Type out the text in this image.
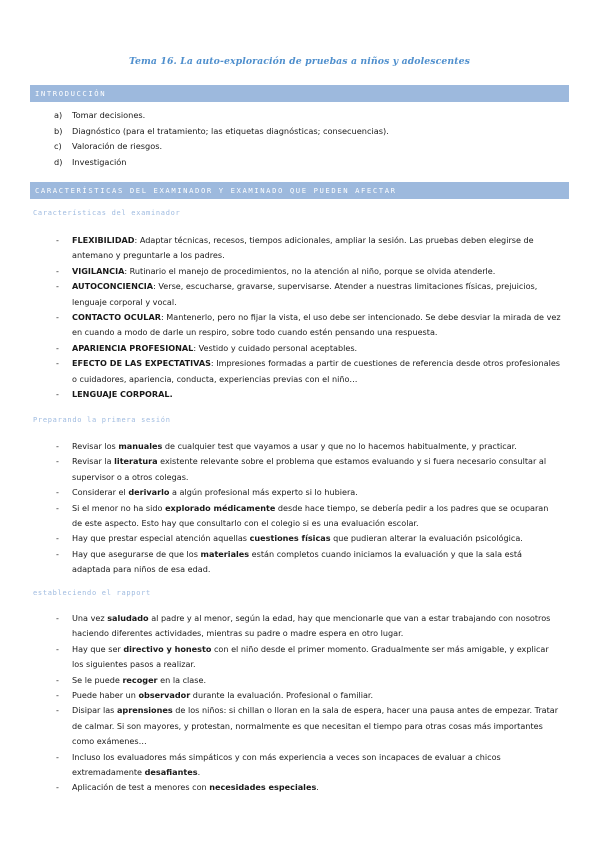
Tema 16. La auto-exploración de pruebas a niños y adolescentes
INTRODUCCIÓN
a) Tomar decisiones.
b) Diagnóstico (para el tratamiento; las etiquetas diagnósticas; consecuencias).
c) Valoración de riesgos.
d) Investigación
CARACTERÍSTICAS DEL EXAMINADOR Y EXAMINADO QUE PUEDEN AFECTAR
Características del examinador
- FLEXIBILIDAD: Adaptar técnicas, recesos, tiempos adicionales, ampliar la sesión. Las pruebas deben elegirse de antemano y preguntarle a los padres.
- VIGILANCIA: Rutinario el manejo de procedimientos, no la atención al niño, porque se olvida atenderle.
- AUTOCONCIENCIA: Verse, escucharse, gravarse, supervisarse. Atender a nuestras limitaciones físicas, prejuicios, lenguaje corporal y vocal.
- CONTACTO OCULAR: Mantenerlo, pero no fijar la vista, el uso debe ser intencionado. Se debe desviar la mirada de vez en cuando a modo de darle un respiro, sobre todo cuando estén pensando una respuesta.
- APARIENCIA PROFESIONAL: Vestido y cuidado personal aceptables.
- EFECTO DE LAS EXPECTATIVAS: Impresiones formadas a partir de cuestiones de referencia desde otros profesionales o cuidadores, apariencia, conducta, experiencias previas con el niño…
- LENGUAJE CORPORAL.
Preparando la primera sesión
- Revisar los manuales de cualquier test que vayamos a usar y que no lo hacemos habitualmente, y practicar.
- Revisar la literatura existente relevante sobre el problema que estamos evaluando y si fuera necesario consultar al supervisor o a otros colegas.
- Considerar el derivarlo a algún profesional más experto si lo hubiera.
- Si el menor no ha sido explorado médicamente desde hace tiempo, se debería pedir a los padres que se ocuparan de este aspecto. Esto hay que consultarlo con el colegio si es una evaluación escolar.
- Hay que prestar especial atención aquellas cuestiones físicas que pudieran alterar la evaluación psicológica.
- Hay que asegurarse de que los materiales están completos cuando iniciamos la evaluación y que la sala está adaptada para niños de esa edad.
estableciendo el rapport
- Una vez saludado al padre y al menor, según la edad, hay que mencionarle que van a estar trabajando con nosotros haciendo diferentes actividades, mientras su padre o madre espera en otro lugar.
- Hay que ser directivo y honesto con el niño desde el primer momento. Gradualmente ser más amigable, y explicar los siguientes pasos a realizar.
- Se le puede recoger en la clase.
- Puede haber un observador durante la evaluación. Profesional o familiar.
- Disipar las aprensiones de los niños: si chillan o lloran en la sala de espera, hacer una pausa antes de empezar. Tratar de calmar. Si son mayores, y protestan, normalmente es que necesitan el tiempo para otras cosas más importantes como exámenes…
- Incluso los evaluadores más simpáticos y con más experiencia a veces son incapaces de evaluar a chicos extremadamente desafiantes.
- Aplicación de test a menores con necesidades especiales.
